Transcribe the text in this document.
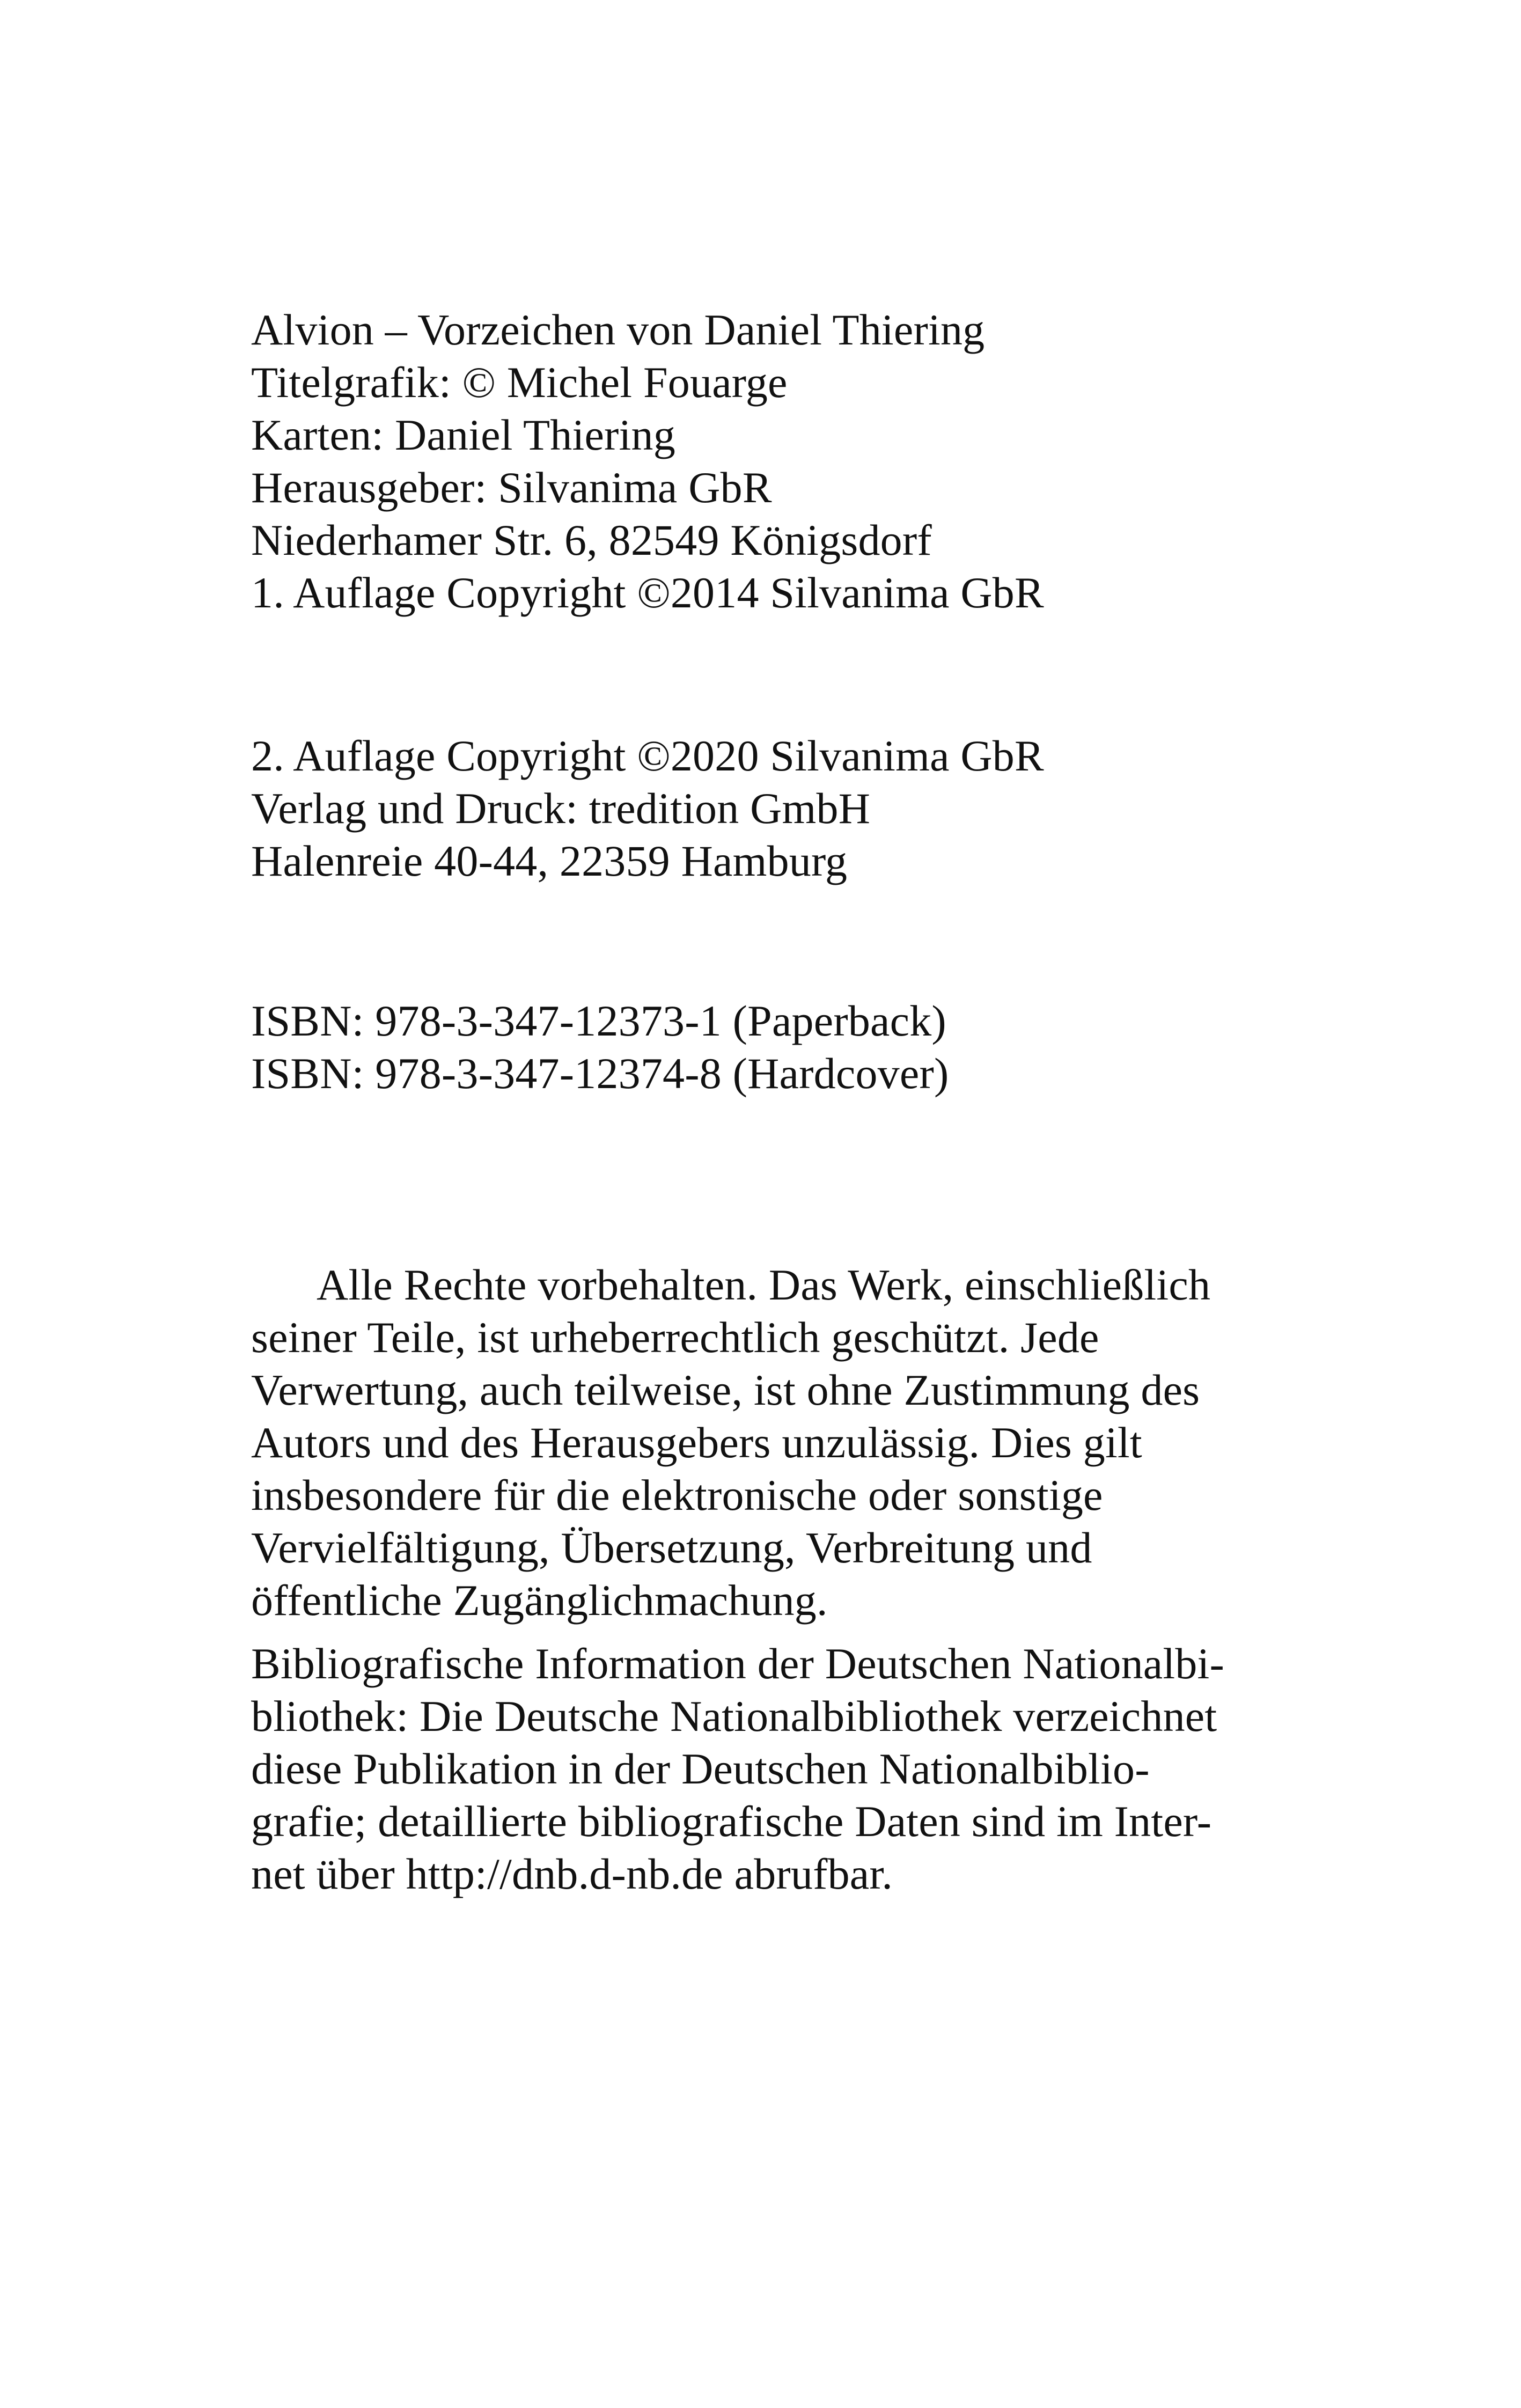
Alvion – Vorzeichen von Daniel Thiering
Titelgrafik: © Michel Fouarge
Karten: Daniel Thiering
Herausgeber: Silvanima GbR
Niederhamer Str. 6, 82549 Königsdorf
1. Auflage Copyright ©2014 Silvanima GbR
2. Auflage Copyright ©2020 Silvanima GbR
Verlag und Druck: tredition GmbH
Halenreie 40-44, 22359 Hamburg
ISBN: 978-3-347-12373-1 (Paperback)
ISBN: 978-3-347-12374-8 (Hardcover)
Alle Rechte vorbehalten. Das Werk, einschließlich
seiner Teile, ist urheberrechtlich geschützt. Jede
Verwertung, auch teilweise, ist ohne Zustimmung des
Autors und des Herausgebers unzulässig. Dies gilt
insbesondere für die elektronische oder sonstige
Vervielfältigung, Übersetzung, Verbreitung und
öffentliche Zugänglichmachung.
Bibliografische Information der Deutschen Nationalbi-
bliothek: Die Deutsche Nationalbibliothek verzeichnet
diese Publikation in der Deutschen Nationalbiblio-
grafie; detaillierte bibliografische Daten sind im Inter-
net über http://dnb.d-nb.de abrufbar.
